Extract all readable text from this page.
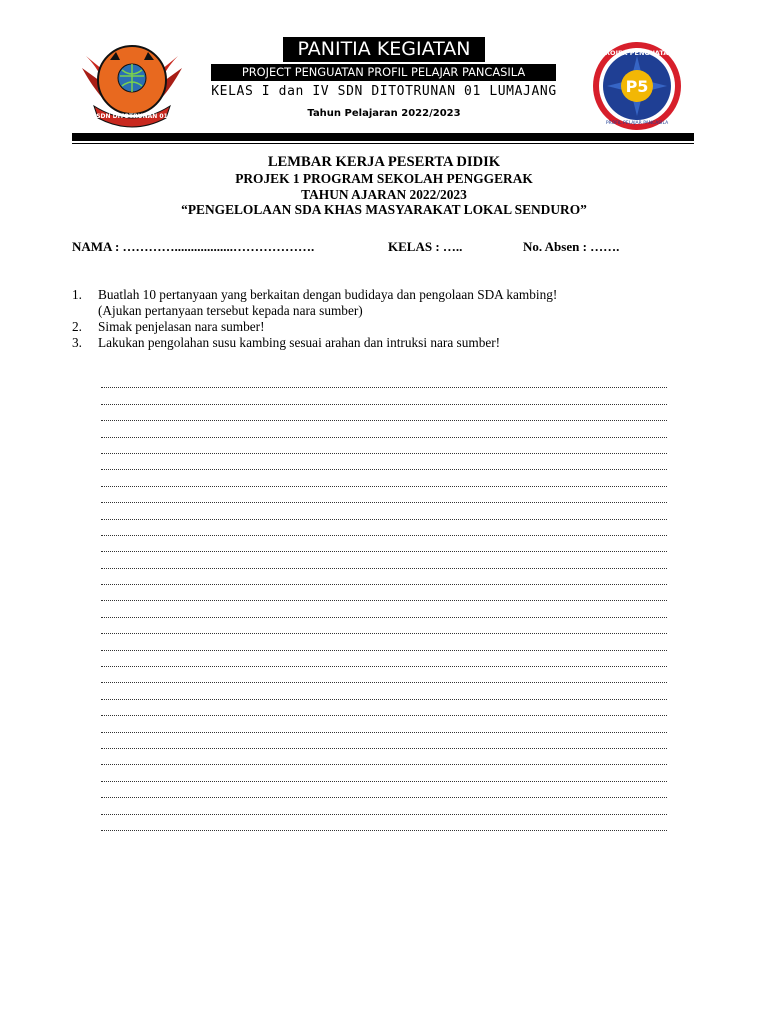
SDN DITOTRUNAN 01
PANITIA KEGIATAN
PROJECT PENGUATAN PROFIL PELAJAR PANCASILA
KELAS I dan IV SDN DITOTRUNAN 01 LUMAJANG
Tahun Pelajaran 2022/2023
P5
PROJEK PENGUATAN
PROFIL PELAJAR PANCASILA
LEMBAR KERJA PESERTA DIDIK
PROJEK 1 PROGRAM SEKOLAH PENGGERAK
TAHUN AJARAN 2022/2023
“PENGELOLAAN SDA KHAS MASYARAKAT LOKAL SENDURO”
NAMA : …………..................……………….	KELAS : …..	No. Absen : …….
1. Buatlah 10 pertanyaan yang berkaitan dengan budidaya dan pengolaan SDA kambing!
(Ajukan pertanyaan tersebut kepada nara sumber)
2. Simak penjelasan nara sumber!
3. Lakukan pengolahan susu kambing sesuai arahan dan intruksi nara sumber!
